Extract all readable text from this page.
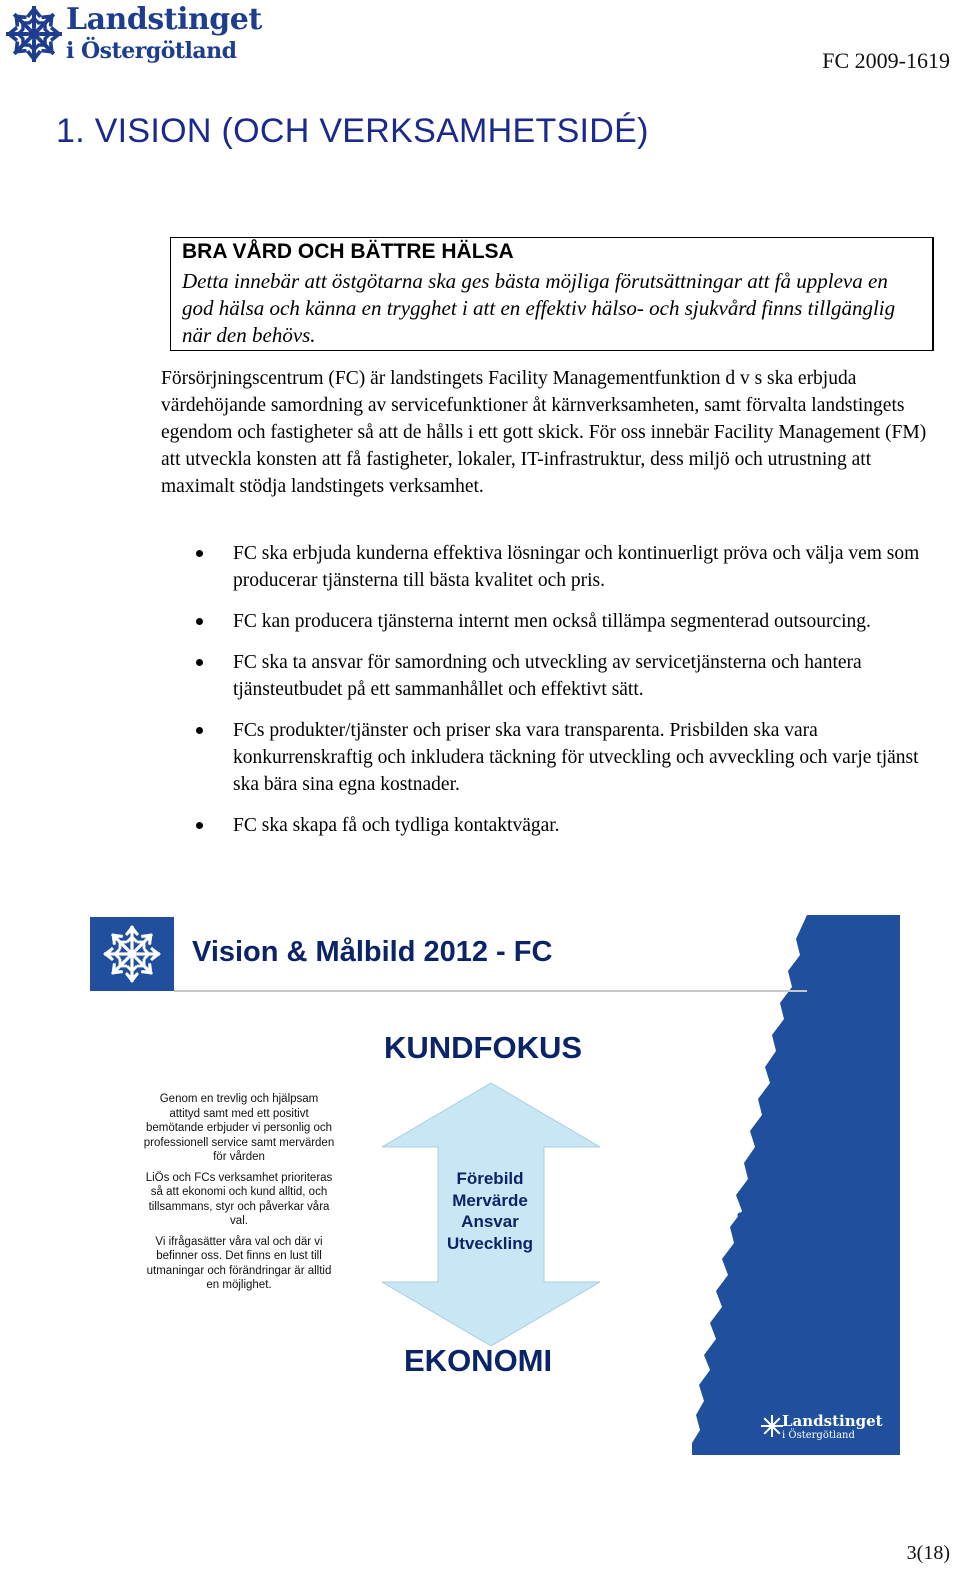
Landstinget
i Östergötland	FC 2009-1619
1. VISION (OCH VERKSAMHETSIDÉ)
BRA VÅRD OCH BÄTTRE HÄLSA
Detta innebär att östgötarna ska ges bästa möjliga förutsättningar att få uppleva en god hälsa och känna en trygghet i att en effektiv hälso- och sjukvård finns tillgänglig när den behövs.
Försörjningscentrum (FC) är landstingets Facility Managementfunktion d v s ska erbjuda värdehöjande samordning av servicefunktioner åt kärnverksamheten, samt förvalta landstingets egendom och fastigheter så att de hålls i ett gott skick. För oss innebär Facility Management (FM) att utveckla konsten att få fastigheter, lokaler, IT-infrastruktur, dess miljö och utrustning att maximalt stödja landstingets verksamhet.
FC ska erbjuda kunderna effektiva lösningar och kontinuerligt pröva och välja vem som producerar tjänsterna till bästa kvalitet och pris.
FC kan producera tjänsterna internt men också tillämpa segmenterad outsourcing.
FC ska ta ansvar för samordning och utveckling av servicetjänsterna och hantera tjänsteutbudet på ett sammanhållet och effektivt sätt.
FCs produkter/tjänster och priser ska vara transparenta. Prisbilden ska vara konkurrenskraftig och inkludera täckning för utveckling och avveckling och varje tjänst ska bära sina egna kostnader.
FC ska skapa få och tydliga kontaktvägar.
Vision & Målbild 2012 - FC
KUNDFOKUS
Förebild
Mervärde
Ansvar
Utveckling
EKONOMI

Genom en trevlig och hjälpsam attityd samt med ett positivt bemötande erbjuder vi personlig och professionell service samt mervärden för vården

LiÖs och FCs verksamhet prioriteras så att ekonomi och kund alltid, och tillsammans, styr och påverkar våra val.

Vi ifrågasätter våra val och där vi befinner oss. Det finns en lust till utmaningar och förändringar är alltid en möjlighet.

Landstinget
i Östergötland
3(18)
